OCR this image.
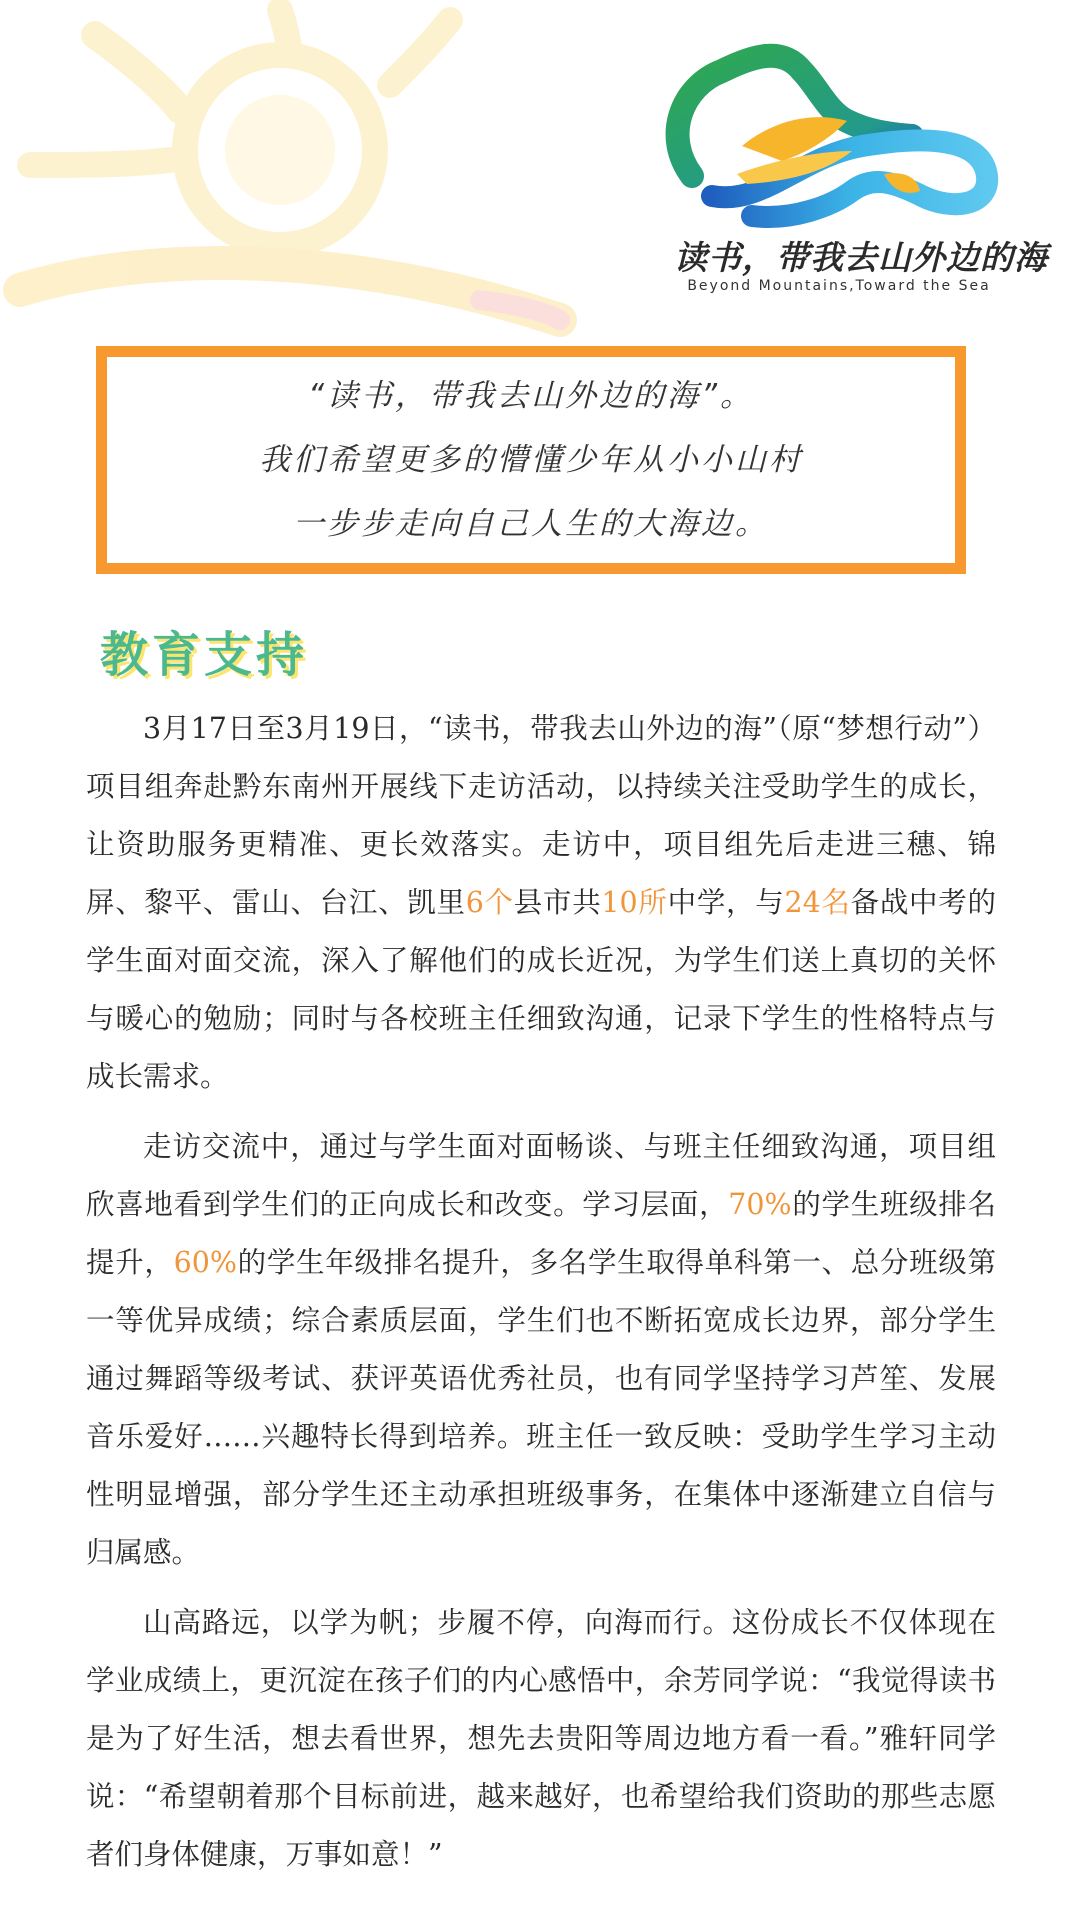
读书，带我去山外边的海
Beyond Mountains,Toward the Sea
“读书，带我去山外边的海”。
我们希望更多的懵懂少年从小小山村
一步步走向自己人生的大海边。
教育支持

3月17日至3月19日，“读书，带我去山外边的海”（原“梦想行动”）项目组奔赴黔东南州开展线下走访活动，以持续关注受助学生的成长，让资助服务更精准、更长效落实。走访中，项目组先后走进三穗、锦屏、黎平、雷山、台江、凯里6个县市共10所中学，与24名备战中考的学生面对面交流，深入了解他们的成长近况，为学生们送上真切的关怀与暖心的勉励；同时与各校班主任细致沟通，记录下学生的性格特点与成长需求。

走访交流中，通过与学生面对面畅谈、与班主任细致沟通，项目组欣喜地看到学生们的正向成长和改变。学习层面，70%的学生班级排名提升，60%的学生年级排名提升，多名学生取得单科第一、总分班级第一等优异成绩；综合素质层面，学生们也不断拓宽成长边界，部分学生通过舞蹈等级考试、获评英语优秀社员，也有同学坚持学习芦笙、发展音乐爱好……兴趣特长得到培养。班主任一致反映：受助学生学习主动性明显增强，部分学生还主动承担班级事务，在集体中逐渐建立自信与归属感。

山高路远，以学为帆；步履不停，向海而行。这份成长不仅体现在学业成绩上，更沉淀在孩子们的内心感悟中，余芳同学说：“我觉得读书是为了好生活，想去看世界，想先去贵阳等周边地方看一看。”雅轩同学说：“希望朝着那个目标前进，越来越好，也希望给我们资助的那些志愿者们身体健康，万事如意！”
